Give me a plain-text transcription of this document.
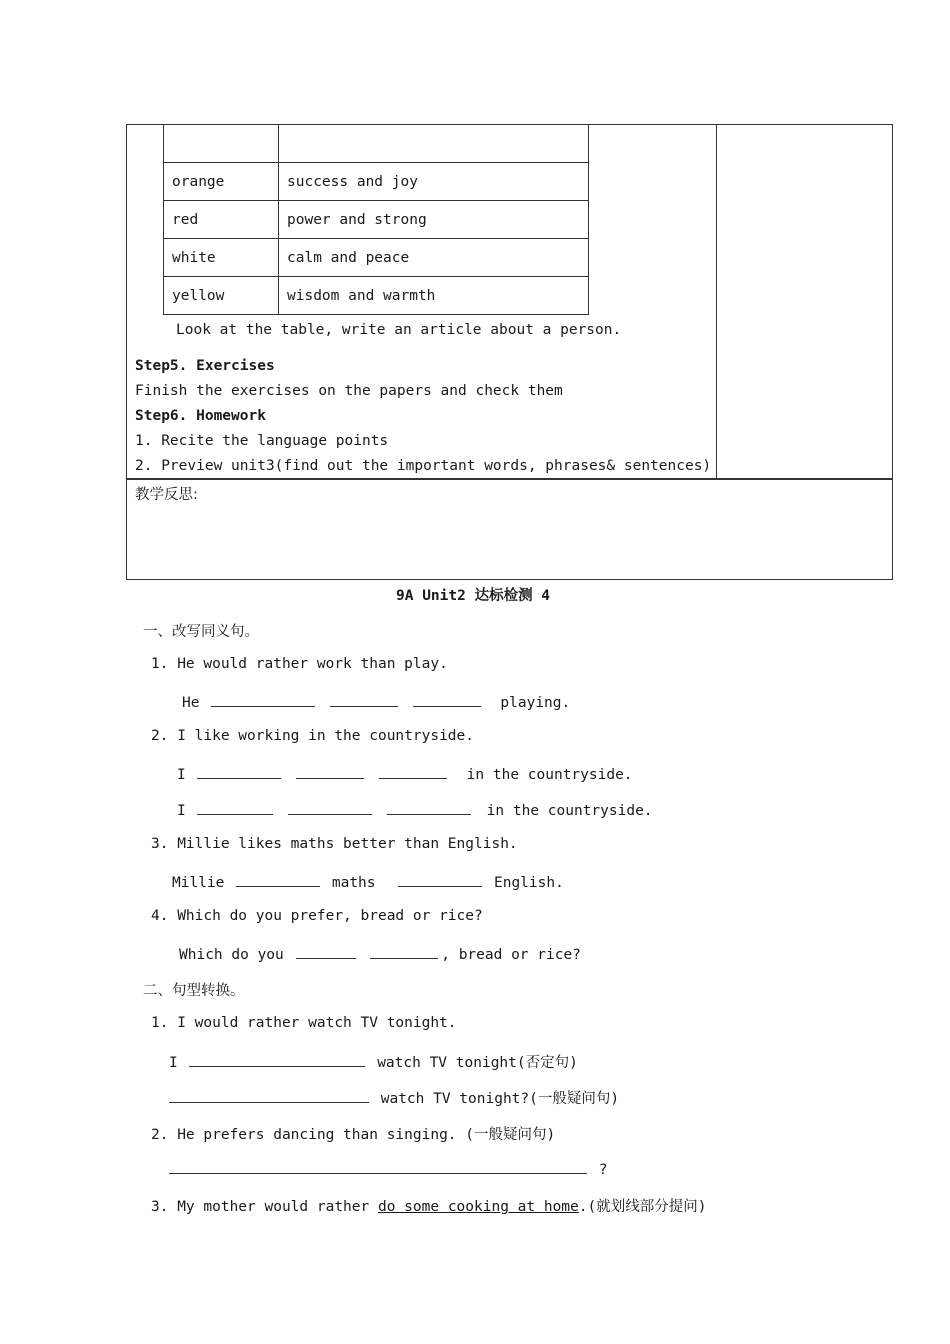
orange	success and joy
red	power and strong
white	calm and peace
yellow	wisdom and warmth
Look at the table, write an article about a person.
Step5. Exercises
Finish the exercises on the papers and check them
Step6. Homework
1. Recite the language points
2. Preview unit3(find out the important words, phrases& sentences)
教学反思:
9A Unit2 达标检测 4
一、改写同义句。
1. He would rather work than play.
He	playing.
2. I like working in the countryside.
I	in the countryside.
I	in the countryside.
3. Millie likes maths better than English.
Millie	maths	English.
4. Which do you prefer, bread or rice?
Which do you	, bread or rice?
二、句型转换。
1. I would rather watch TV tonight.
I	watch TV tonight(否定句)
watch TV tonight?(一般疑问句)
2. He prefers dancing than singing. (一般疑问句)
?
3. My mother would rather do some cooking at home.(就划线部分提问)
